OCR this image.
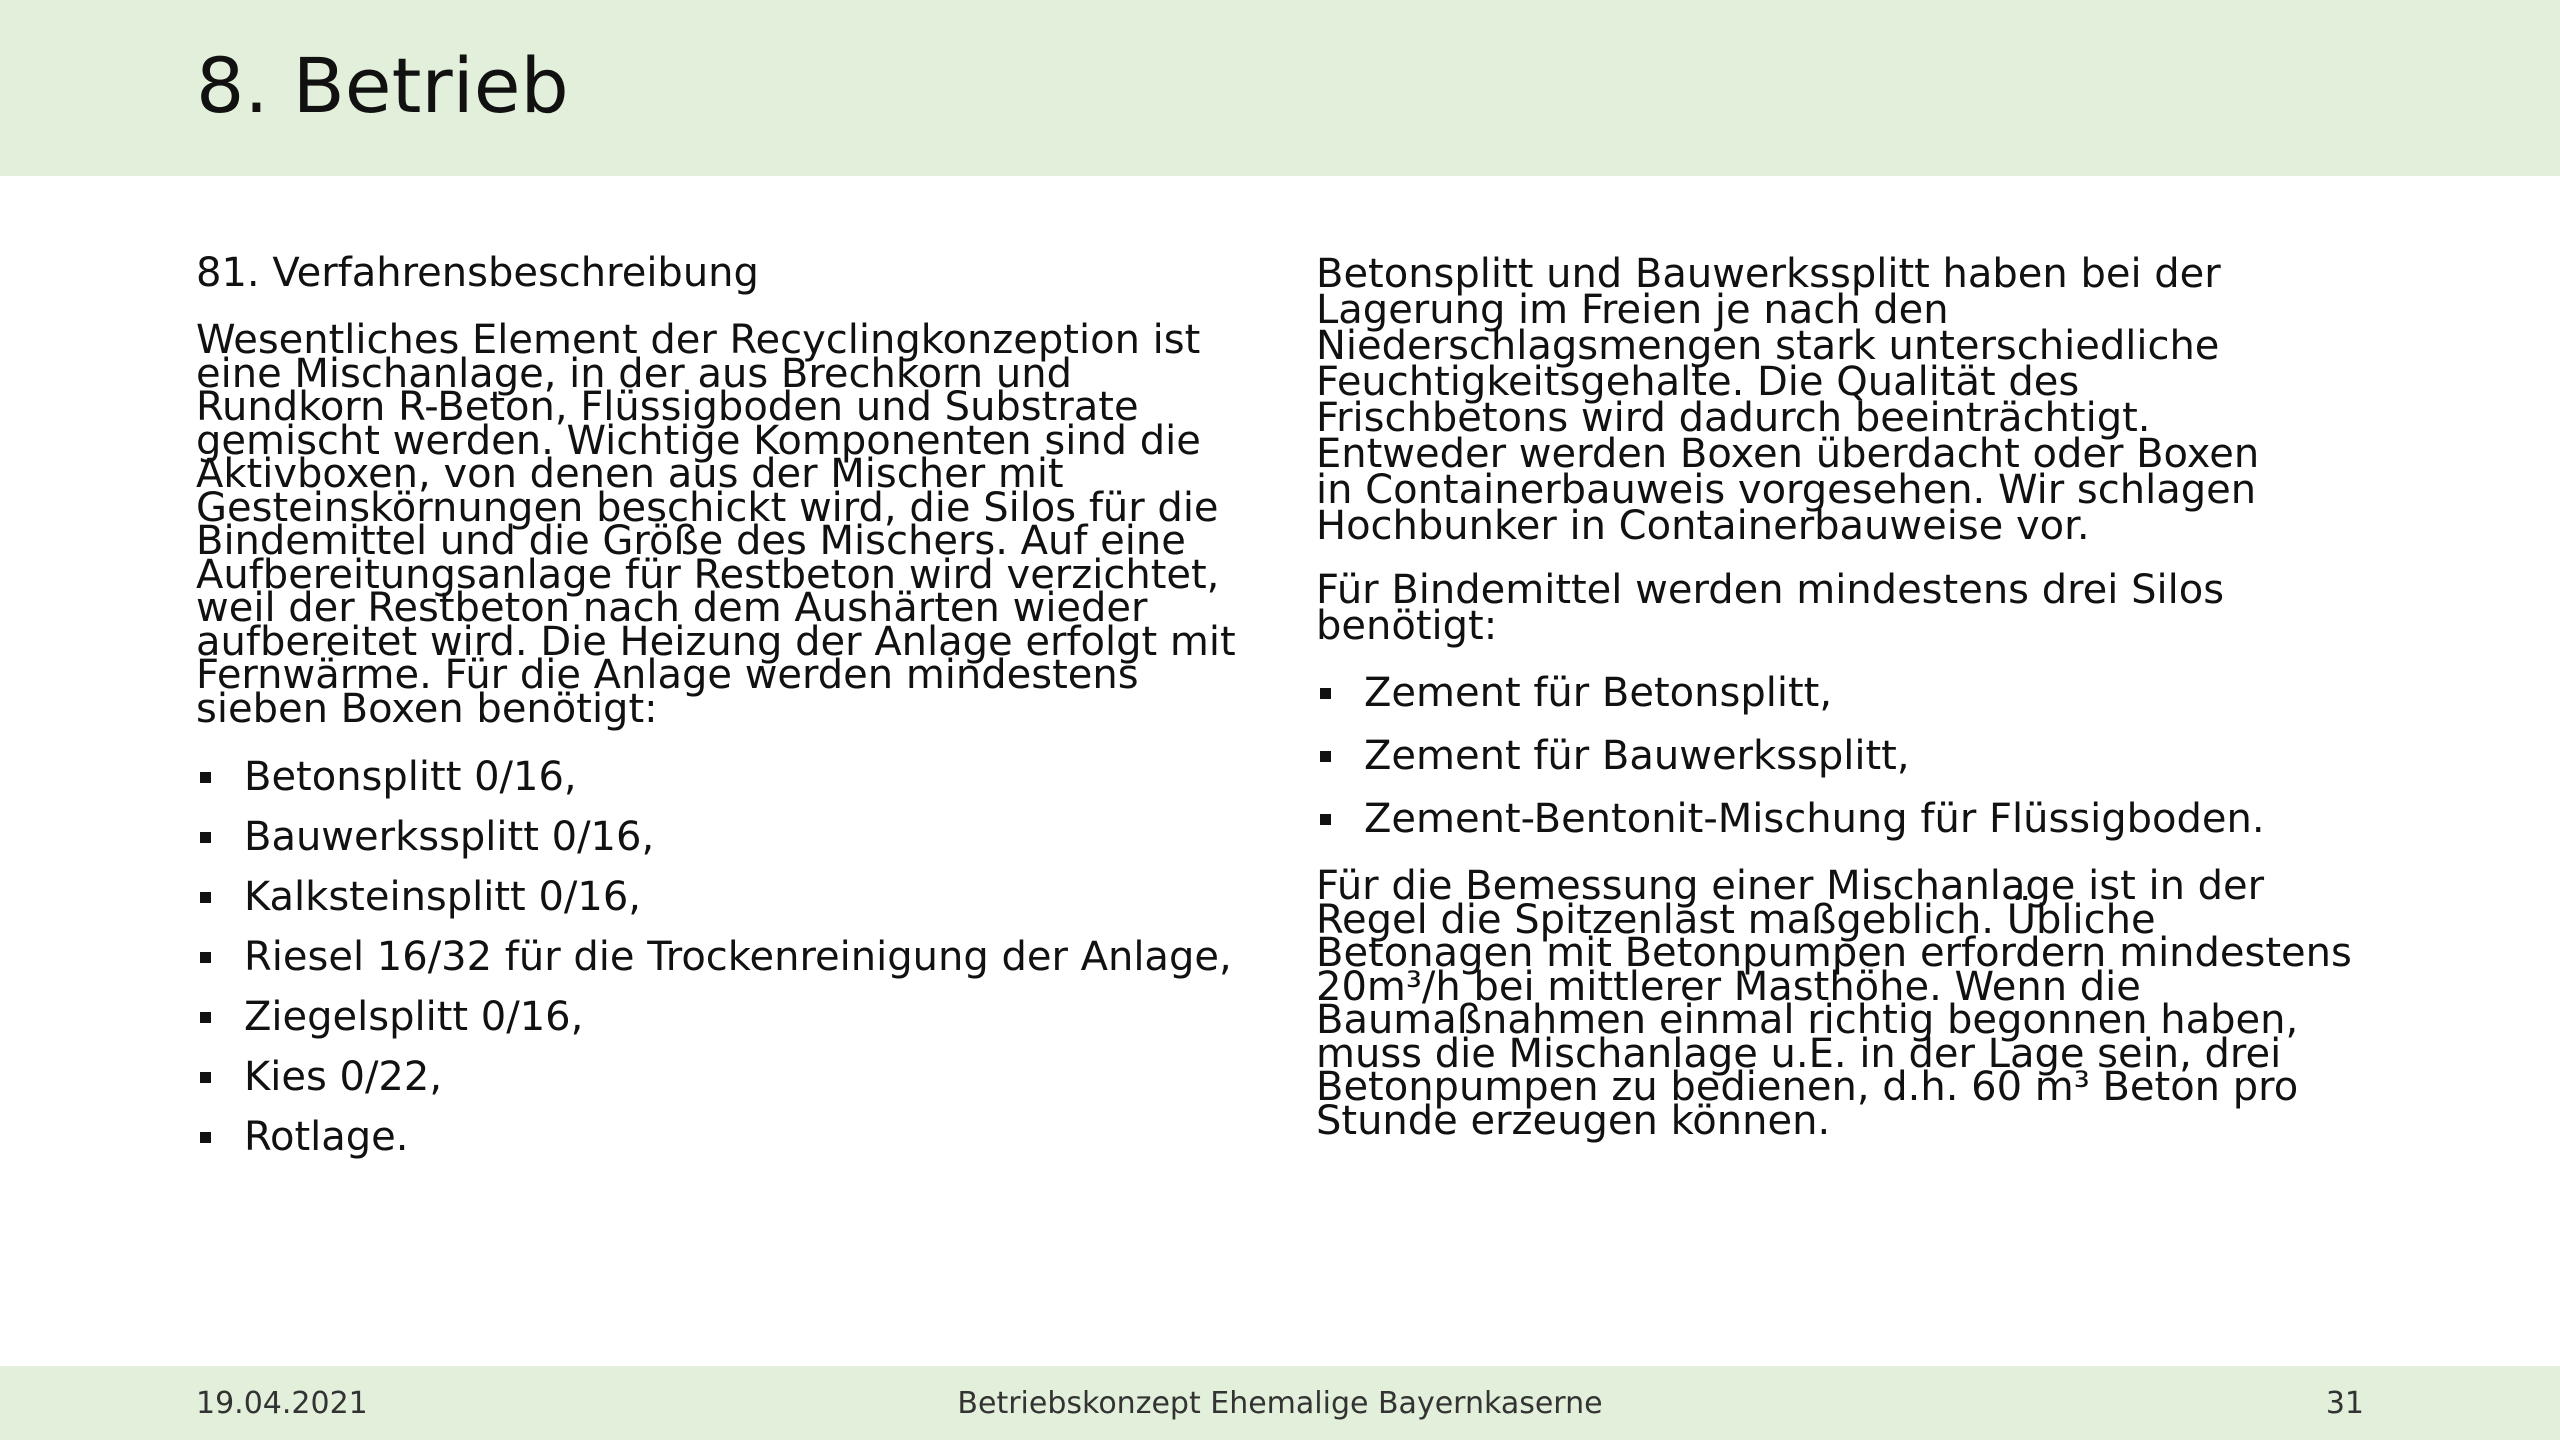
8. Betrieb

81. Verfahrensbeschreibung

Wesentliches Element der Recyclingkonzeption ist
eine Mischanlage, in der aus Brechkorn und
Rundkorn R-Beton, Flüssigboden und Substrate
gemischt werden. Wichtige Komponenten sind die
Aktivboxen, von denen aus der Mischer mit
Gesteinskörnungen beschickt wird, die Silos für die
Bindemittel und die Größe des Mischers. Auf eine
Aufbereitungsanlage für Restbeton wird verzichtet,
weil der Restbeton nach dem Aushärten wieder
aufbereitet wird. Die Heizung der Anlage erfolgt mit
Fernwärme. Für die Anlage werden mindestens
sieben Boxen benötigt:

Betonsplitt 0/16,
Bauwerkssplitt 0/16,
Kalksteinsplitt 0/16,
Riesel 16/32 für die Trockenreinigung der Anlage,
Ziegelsplitt 0/16,
Kies 0/22,
Rotlage.

Betonsplitt und Bauwerkssplitt haben bei der
Lagerung im Freien je nach den
Niederschlagsmengen stark unterschiedliche
Feuchtigkeitsgehalte. Die Qualität des
Frischbetons wird dadurch beeinträchtigt.
Entweder werden Boxen überdacht oder Boxen
in Containerbauweis vorgesehen. Wir schlagen
Hochbunker in Containerbauweise vor.

Für Bindemittel werden mindestens drei Silos
benötigt:

Zement für Betonsplitt,
Zement für Bauwerkssplitt,
Zement-Bentonit-Mischung für Flüssigboden.

Für die Bemessung einer Mischanlage ist in der
Regel die Spitzenlast maßgeblich. Übliche
Betonagen mit Betonpumpen erfordern mindestens
20m³/h bei mittlerer Masthöhe. Wenn die
Baumaßnahmen einmal richtig begonnen haben,
muss die Mischanlage u.E. in der Lage sein, drei
Betonpumpen zu bedienen, d.h. 60 m³ Beton pro
Stunde erzeugen können.

19.04.2021	Betriebskonzept Ehemalige Bayernkaserne	31
